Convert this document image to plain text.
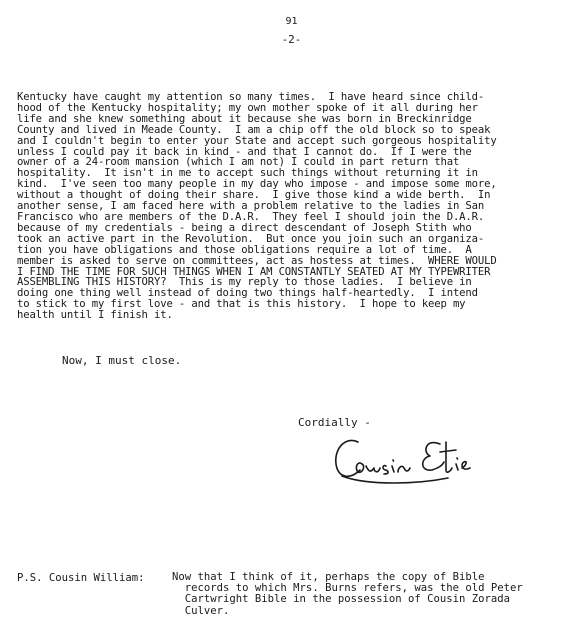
91
-2-
Kentucky have caught my attention so many times.  I have heard since child-
hood of the Kentucky hospitality; my own mother spoke of it all during her
life and she knew something about it because she was born in Breckinridge
County and lived in Meade County.  I am a chip off the old block so to speak
and I couldn't begin to enter your State and accept such gorgeous hospitality
unless I could pay it back in kind - and that I cannot do.  If I were the
owner of a 24-room mansion (which I am not) I could in part return that
hospitality.  It isn't in me to accept such things without returning it in
kind.  I've seen too many people in my day who impose - and impose some more,
without a thought of doing their share.  I give those kind a wide berth.  In
another sense, I am faced here with a problem relative to the ladies in San
Francisco who are members of the D.A.R.  They feel I should join the D.A.R.
because of my credentials - being a direct descendant of Joseph Stith who
took an active part in the Revolution.  But once you join such an organiza-
tion you have obligations and those obligations require a lot of time.  A
member is asked to serve on committees, act as hostess at times.  WHERE WOULD
I FIND THE TIME FOR SUCH THINGS WHEN I AM CONSTANTLY SEATED AT MY TYPEWRITER
ASSEMBLING THIS HISTORY?  This is my reply to those ladies.  I believe in
doing one thing well instead of doing two things half-heartedly.  I intend
to stick to my first love - and that is this history.  I hope to keep my
health until I finish it.
Now, I must close.
Cordially -
P.S. Cousin William:	Now that I think of it, perhaps the copy of Bible
records to which Mrs. Burns refers, was the old Peter
Cartwright Bible in the possession of Cousin Zorada
Culver.
